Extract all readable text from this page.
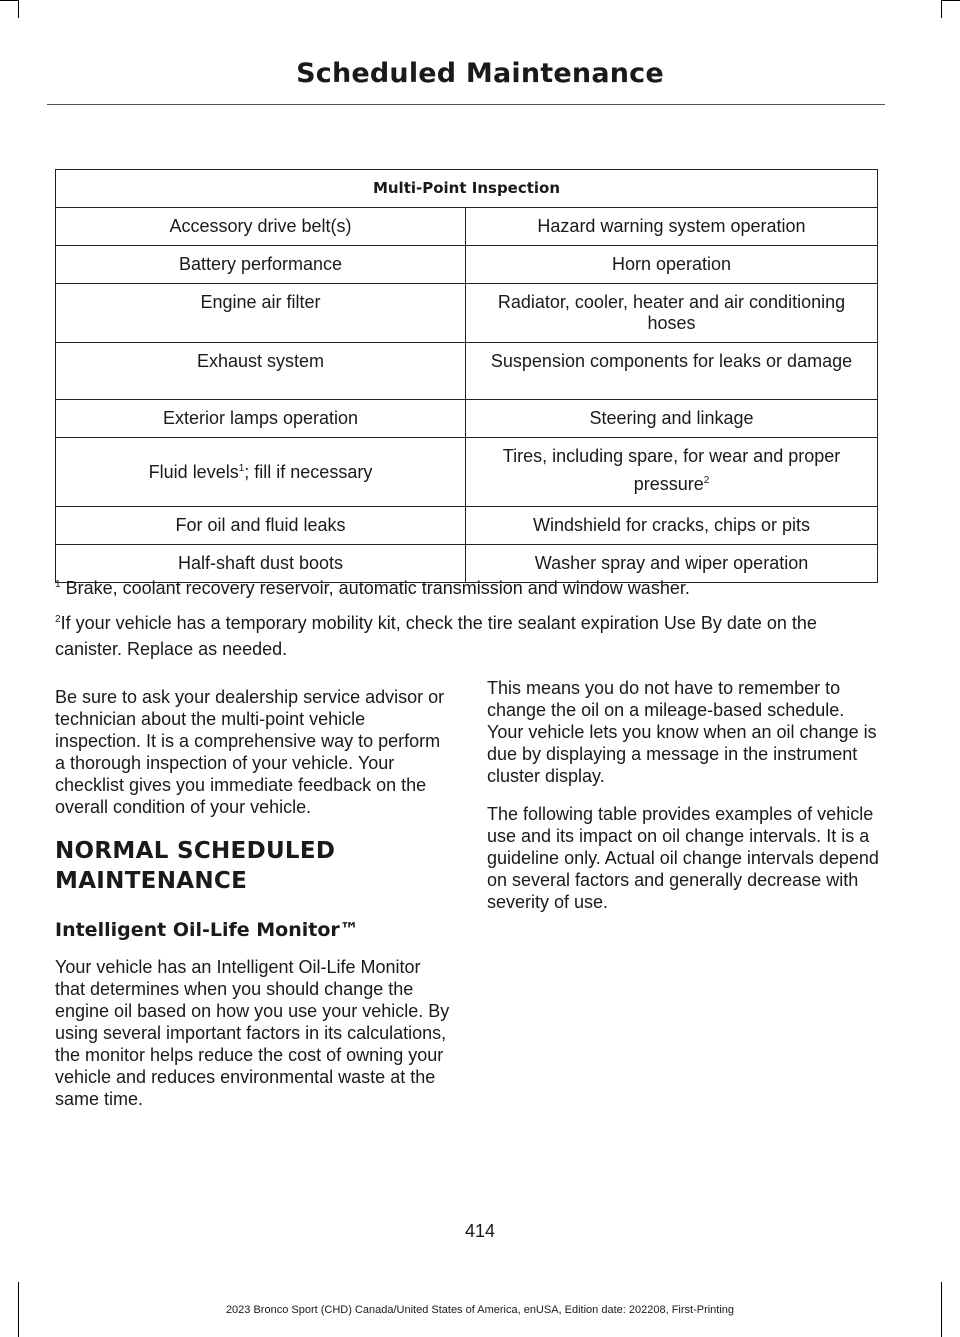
Scheduled Maintenance
Multi-Point Inspection	
Accessory drive belt(s)	Hazard warning system operation
Battery performance	Horn operation
Engine air filter	Radiator, cooler, heater and air conditioning hoses
Exhaust system	Suspension components for leaks or damage
Exterior lamps operation	Steering and linkage
Fluid levels$^1$; fill if necessary	Tires, including spare, for wear and proper
pressure$^2$
For oil and fluid leaks	Windshield for cracks, chips or pits
Half-shaft dust boots	Washer spray and wiper operation
$^1$ Brake, coolant recovery reservoir, automatic transmission and window washer.
$^2$If your vehicle has a temporary mobility kit, check the tire sealant expiration Use By date on the canister. Replace as needed.

Be sure to ask your dealership service advisor or technician about the multi-point vehicle inspection. It is a comprehensive way to perform a thorough inspection of your vehicle. Your checklist gives you immediate feedback on the overall condition of your vehicle.

NORMAL SCHEDULED
MAINTENANCE
Intelligent Oil-Life Monitor™

Your vehicle has an Intelligent Oil-Life Monitor that determines when you should change the engine oil based on how you use your vehicle. By using several important factors in its calculations, the monitor helps reduce the cost of owning your vehicle and reduces environmental waste at the same time.

This means you do not have to remember to change the oil on a mileage-based schedule. Your vehicle lets you know when an oil change is due by displaying a message in the instrument cluster display.

The following table provides examples of vehicle use and its impact on oil change intervals. It is a guideline only. Actual oil change intervals depend on several factors and generally decrease with severity of use.

414
2023 Bronco Sport (CHD) Canada/United States of America, enUSA, Edition date: 202208, First-Printing
